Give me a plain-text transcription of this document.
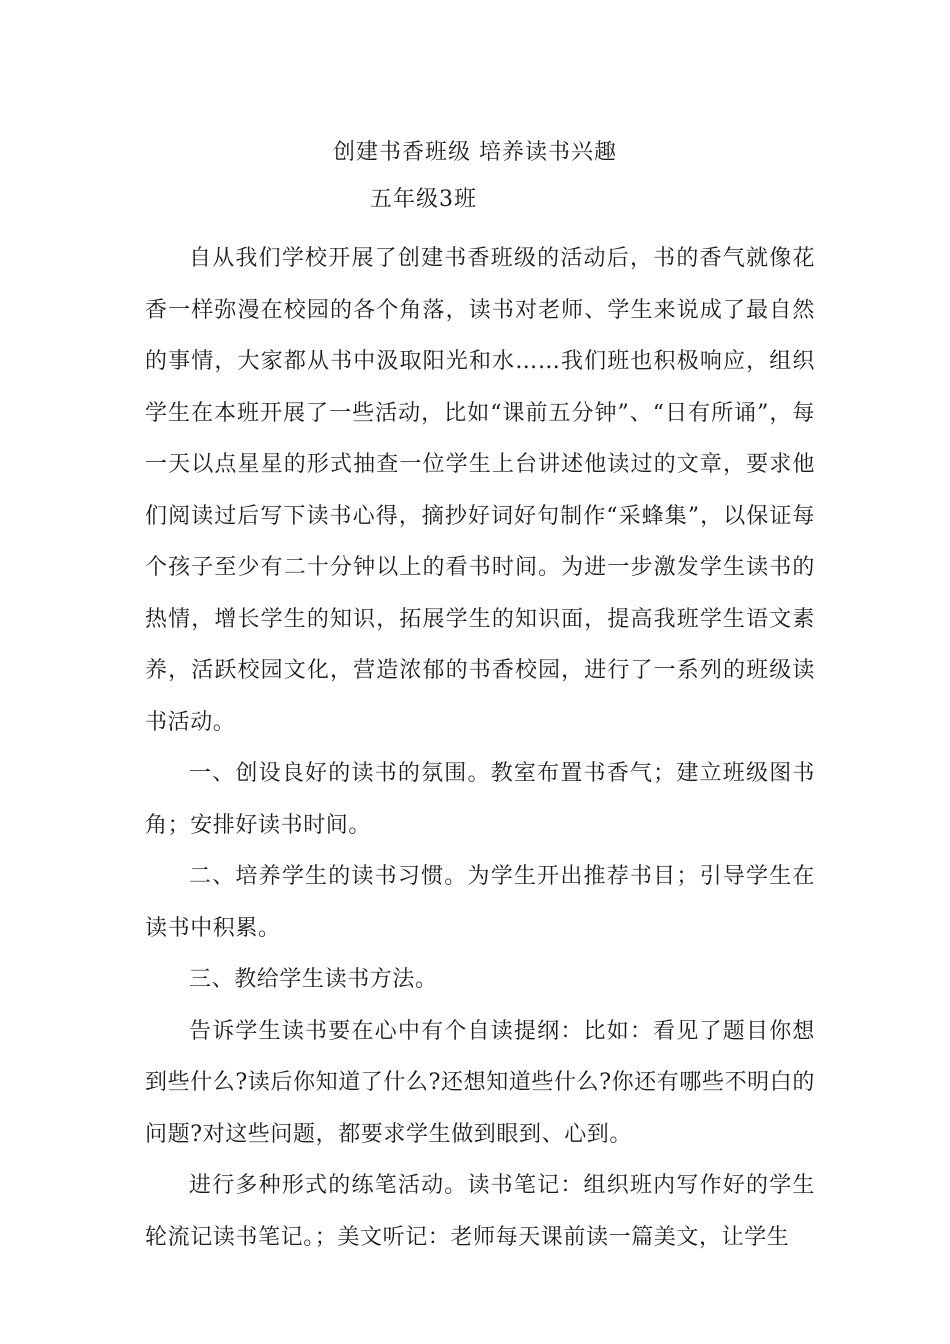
创建书香班级 培养读书兴趣
五年级3班

自从我们学校开展了创建书香班级的活动后，书的香气就像花香一样弥漫在校园的各个角落，读书对老师、学生来说成了最自然的事情，大家都从书中汲取阳光和水……我们班也积极响应，组织学生在本班开展了一些活动，比如“课前五分钟”、“日有所诵”，每一天以点星星的形式抽查一位学生上台讲述他读过的文章，要求他们阅读过后写下读书心得，摘抄好词好句制作“采蜂集”，以保证每个孩子至少有二十分钟以上的看书时间。为进一步激发学生读书的热情，增长学生的知识，拓展学生的知识面，提高我班学生语文素养，活跃校园文化，营造浓郁的书香校园，进行了一系列的班级读书活动。

一、创设良好的读书的氛围。教室布置书香气；建立班级图书角；安排好读书时间。

二、培养学生的读书习惯。为学生开出推荐书目；引导学生在读书中积累。

三、教给学生读书方法。

告诉学生读书要在心中有个自读提纲：比如：看见了题目你想到些什么?读后你知道了什么?还想知道些什么?你还有哪些不明白的问题?对这些问题，都要求学生做到眼到、心到。

进行多种形式的练笔活动。读书笔记：组织班内写作好的学生轮流记读书笔记。；美文听记：老师每天课前读一篇美文，让学生
